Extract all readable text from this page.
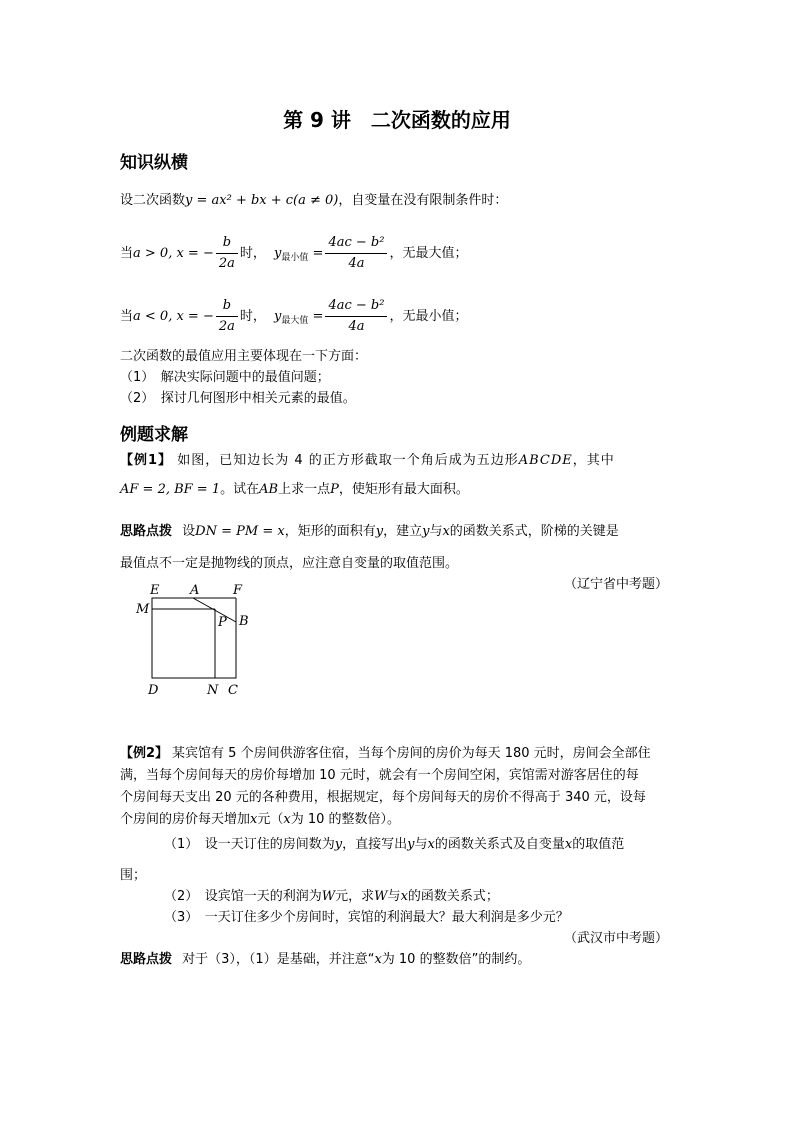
第 9 讲　二次函数的应用
知识纵横
设二次函数y = ax² + bx + c(a ≠ 0)，自变量在没有限制条件时：
当a > 0, x = − $\frac{b}{2a}$ 时， $y_{最小值} = \frac{\text{4ac − b²}}{4a}$ ，无最大值；
当a < 0, x = − $\frac{b}{2a}$ 时， $y_{最大值} = \frac{\text{4ac − b²}}{4a}$ ，无最小值；
二次函数的最值应用主要体现在一下方面：
（1）　解决实际问题中的最值问题；
（2）　探讨几何图形中相关元素的最值。
例题求解
【例1】 如图，已知边长为 4 的正方形截取一个角后成为五边形ABCDE，其中
AF = 2, BF = 1。试在AB上求一点P，使矩形有最大面积。
思路点拨 设DN = PM = x，矩形的面积有y，建立y与x的函数关系式，阶梯的关键是
最值点不一定是抛物线的顶点，应注意自变量的取值范围。
（辽宁省中考题）
E A	F
M
P B
D	N C
【例2】 某宾馆有 5 个房间供游客住宿，当每个房间的房价为每天 180 元时，房间会全部住
满，当每个房间每天的房价每增加 10 元时，就会有一个房间空闲，宾馆需对游客居住的每
个房间每天支出 20 元的各种费用，根据规定，每个房间每天的房价不得高于 340 元，设每
个房间的房价每天增加x元（x为 10 的整数倍）。
（1）　设一天订住的房间数为y，直接写出y与x的函数关系式及自变量x的取值范
围；
（2）　设宾馆一天的利润为W元，求W与x的函数关系式；
（3）　一天订住多少个房间时，宾馆的利润最大？最大利润是多少元？
（武汉市中考题）
思路点拨 对于（3），（1）是基础，并注意“x为 10 的整数倍”的制约。
